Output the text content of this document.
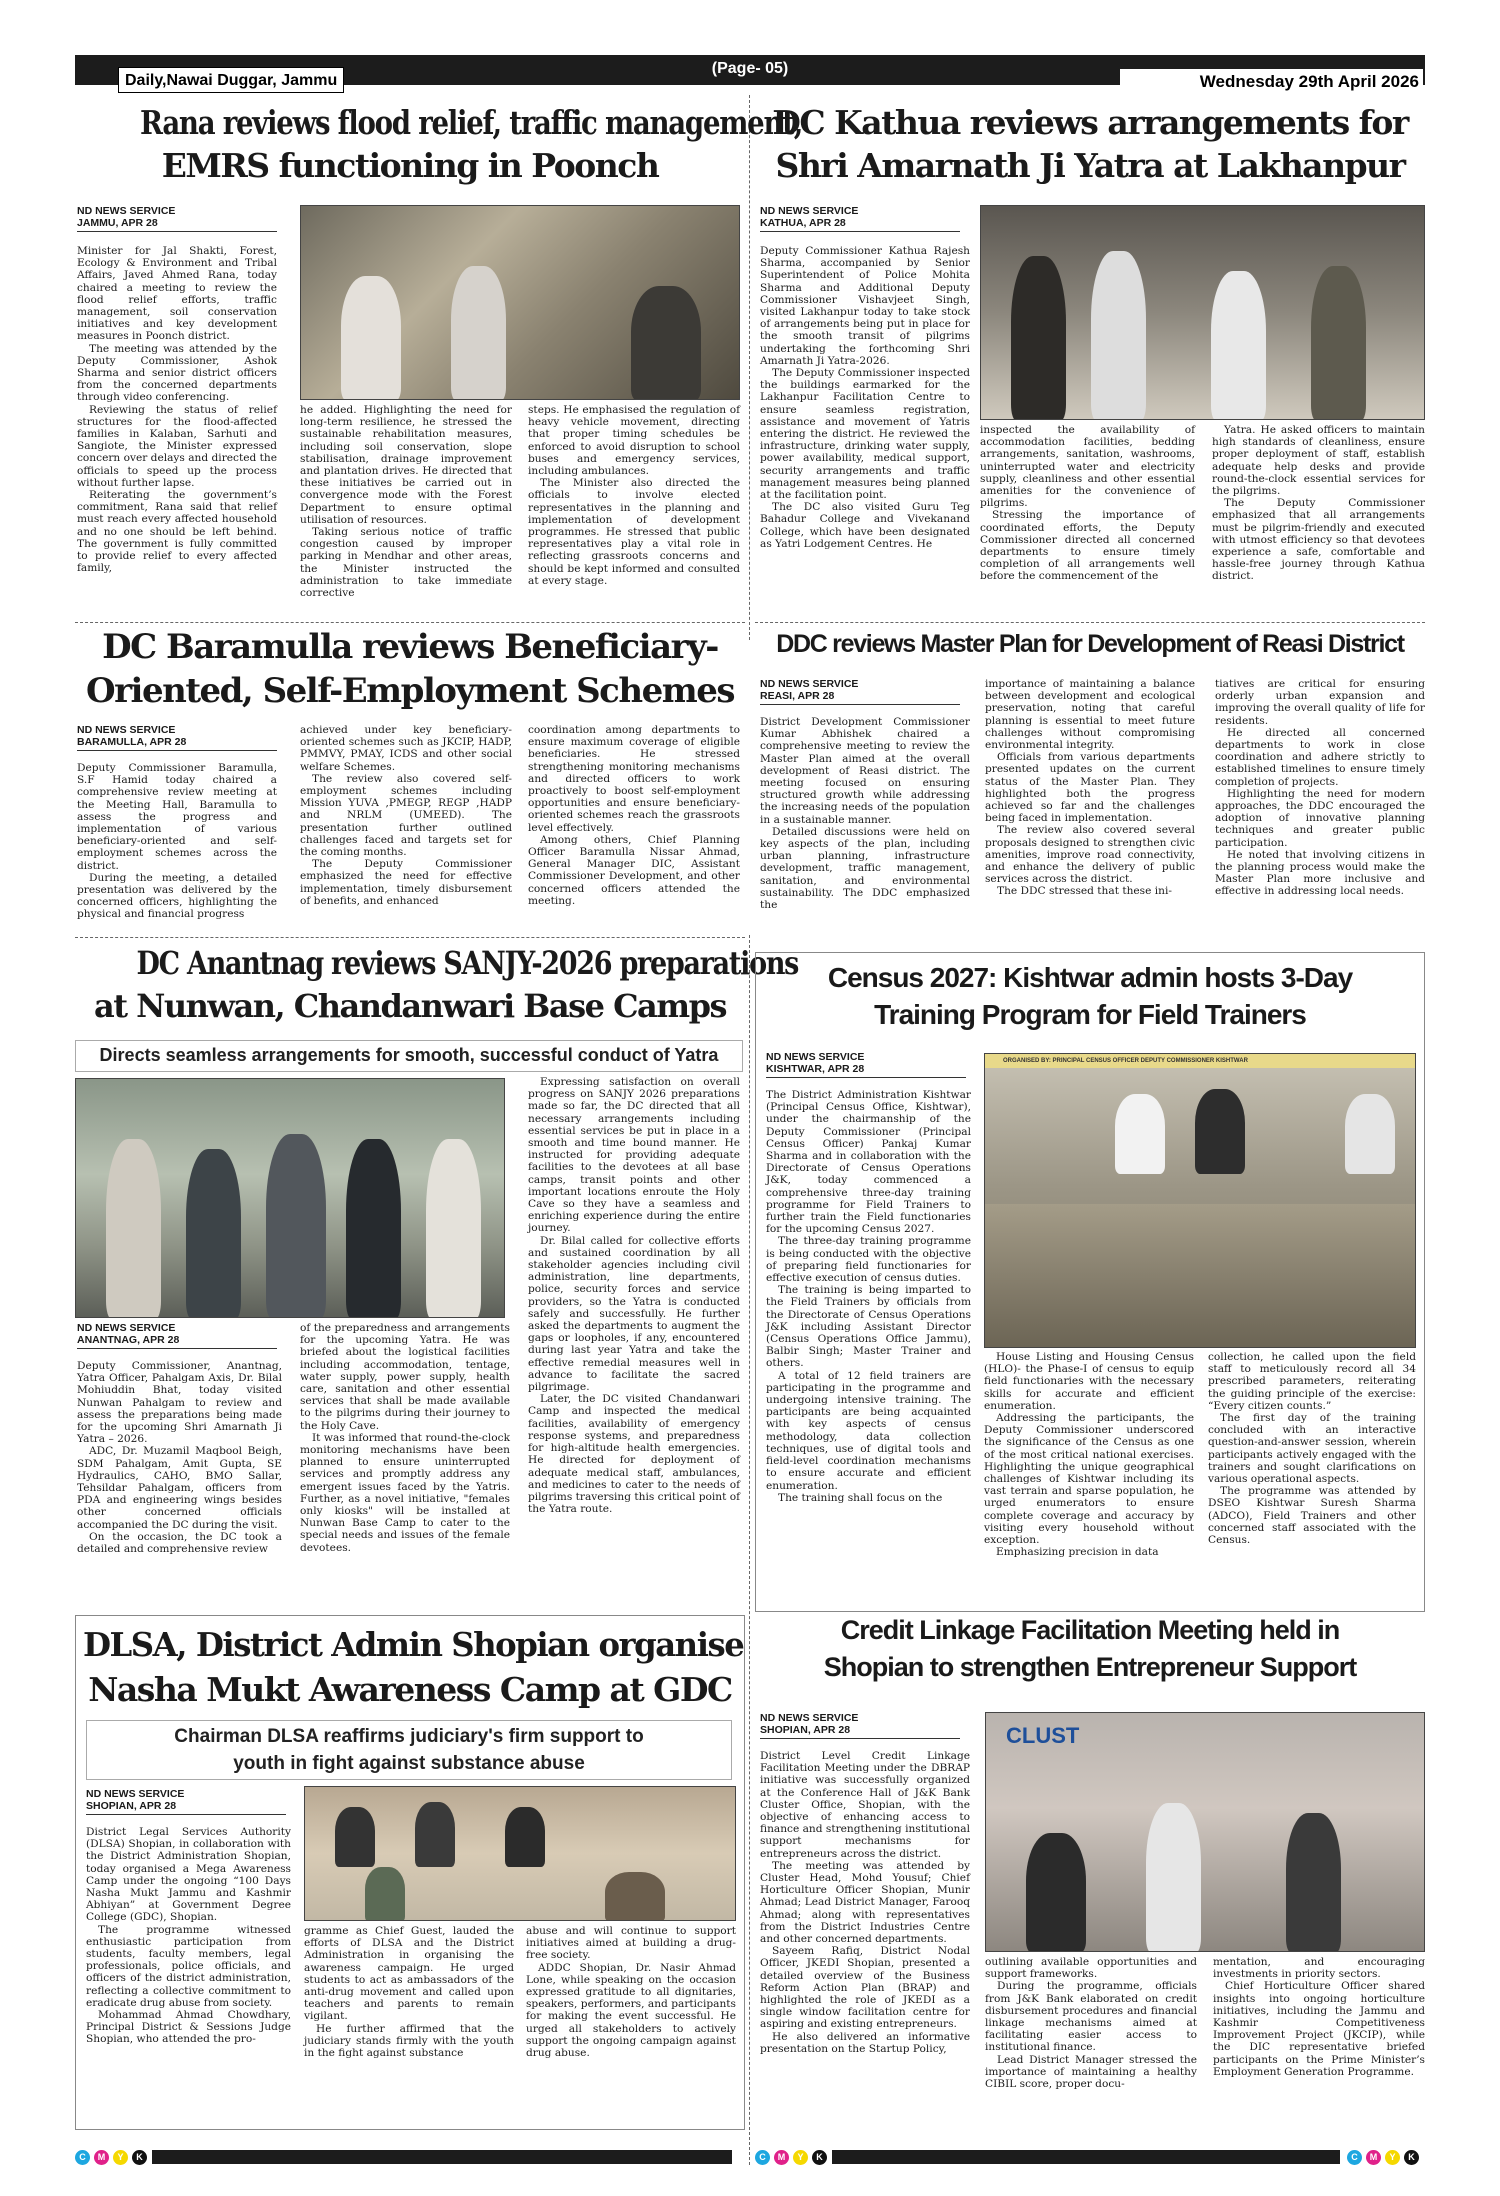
Daily,Nawai Duggar, Jammu
(Page- 05)
Wednesday 29th April 2026
Rana reviews flood relief, traffic management,
EMRS functioning in Poonch
ND NEWS SERVICE
JAMMU, APR 28

Minister for Jal Shakti, Forest, Ecology & Environment and Tribal Affairs, Javed Ahmed Rana, today chaired a meeting to review the flood relief efforts, traffic management, soil conservation initiatives and key development measures in Poonch district.

The meeting was attended by the Deputy Commissioner, Ashok Sharma and senior district officers from the concerned departments through video conferencing.

Reviewing the status of relief structures for the flood-affected families in Kalaban, Sarhuti and Sangiote, the Minister expressed concern over delays and directed the officials to speed up the process without further lapse.

Reiterating the government’s commitment, Rana said that relief must reach every affected household and no one should be left behind. The government is fully committed to provide relief to every affected family,

he added. Highlighting the need for long-term resilience, he stressed the sustainable rehabilitation measures, including soil conservation, slope stabilisation, drainage improvement and plantation drives. He directed that these initiatives be carried out in convergence mode with the Forest Department to ensure optimal utilisation of resources.

Taking serious notice of traffic congestion caused by improper parking in Mendhar and other areas, the Minister instructed the administration to take immediate corrective

steps. He emphasised the regulation of heavy vehicle movement, directing that proper timing schedules be enforced to avoid disruption to school buses and emergency services, including ambulances.

The Minister also directed the officials to involve elected representatives in the planning and implementation of development programmes. He stressed that public representatives play a vital role in reflecting grassroots concerns and should be kept informed and consulted at every stage.

DC Kathua reviews arrangements for
Shri Amarnath Ji Yatra at Lakhanpur
ND NEWS SERVICE
KATHUA, APR 28

Deputy Commissioner Kathua Rajesh Sharma, accompanied by Senior Superintendent of Police Mohita Sharma and Additional Deputy Commissioner Vishavjeet Singh, visited Lakhanpur today to take stock of arrangements being put in place for the smooth transit of pilgrims undertaking the forthcoming Shri Amarnath Ji Yatra-2026.

The Deputy Commissioner inspected the buildings earmarked for the Lakhanpur Facilitation Centre to ensure seamless registration, assistance and movement of Yatris entering the district. He reviewed the infrastructure, drinking water supply, power availability, medical support, security arrangements and traffic management measures being planned at the facilitation point.

The DC also visited Guru Teg Bahadur College and Vivekanand College, which have been designated as Yatri Lodgement Centres. He

inspected the availability of accommodation facilities, bedding arrangements, sanitation, washrooms, uninterrupted water and electricity supply, cleanliness and other essential amenities for the convenience of pilgrims.

Stressing the importance of coordinated efforts, the Deputy Commissioner directed all concerned departments to ensure timely completion of all arrangements well before the commencement of the

Yatra. He asked officers to maintain high standards of cleanliness, ensure proper deployment of staff, establish adequate help desks and provide round-the-clock essential services for the pilgrims.

The Deputy Commissioner emphasized that all arrangements must be pilgrim-friendly and executed with utmost efficiency so that devotees experience a safe, comfortable and hassle-free journey through Kathua district.

DC Baramulla reviews Beneficiary-
Oriented, Self-Employment Schemes
ND NEWS SERVICE
BARAMULLA, APR 28

Deputy Commissioner Baramulla, S.F Hamid today chaired a comprehensive review meeting at the Meeting Hall, Baramulla to assess the progress and implementation of various beneficiary-oriented and self-employment schemes across the district.

During the meeting, a detailed presentation was delivered by the concerned officers, highlighting the physical and financial progress

achieved under key beneficiary-oriented schemes such as JKCIP, HADP, PMMVY, PMAY, ICDS and other social welfare Schemes.

The review also covered self-employment schemes including Mission YUVA ,PMEGP, REGP ,HADP and NRLM (UMEED). The presentation further outlined challenges faced and targets set for the coming months.

The Deputy Commissioner emphasized the need for effective implementation, timely disbursement of benefits, and enhanced

coordination among departments to ensure maximum coverage of eligible beneficiaries. He stressed strengthening monitoring mechanisms and directed officers to work proactively to boost self-employment opportunities and ensure beneficiary-oriented schemes reach the grassroots level effectively.

Among others, Chief Planning Officer Baramulla Nissar Ahmad, General Manager DIC, Assistant Commissioner Development, and other concerned officers attended the meeting.

DDC reviews Master Plan for Development of Reasi District
ND NEWS SERVICE
REASI, APR 28

District Development Commissioner Kumar Abhishek chaired a comprehensive meeting to review the Master Plan aimed at the overall development of Reasi district. The meeting focused on ensuring structured growth while addressing the increasing needs of the population in a sustainable manner.

Detailed discussions were held on key aspects of the plan, including urban planning, infrastructure development, traffic management, sanitation, and environmental sustainability. The DDC emphasized the

importance of maintaining a balance between development and ecological preservation, noting that careful planning is essential to meet future challenges without compromising environmental integrity.

Officials from various departments presented updates on the current status of the Master Plan. They highlighted both the progress achieved so far and the challenges being faced in implementation.

The review also covered several proposals designed to strengthen civic amenities, improve road connectivity, and enhance the delivery of public services across the district.

The DDC stressed that these ini-

tiatives are critical for ensuring orderly urban expansion and improving the overall quality of life for residents.

He directed all concerned departments to work in close coordination and adhere strictly to established timelines to ensure timely completion of projects.

Highlighting the need for modern approaches, the DDC encouraged the adoption of innovative planning techniques and greater public participation.

He noted that involving citizens in the planning process would make the Master Plan more inclusive and effective in addressing local needs.

DC Anantnag reviews SANJY-2026 preparations
at Nunwan, Chandanwari Base Camps
Directs seamless arrangements for smooth, successful conduct of Yatra
ND NEWS SERVICE
ANANTNAG, APR 28

Deputy Commissioner, Anantnag, Yatra Officer, Pahalgam Axis, Dr. Bilal Mohiuddin Bhat, today visited Nunwan Pahalgam to review and assess the preparations being made for the upcoming Shri Amarnath Ji Yatra – 2026.

ADC, Dr. Muzamil Maqbool Beigh, SDM Pahalgam, Amit Gupta, SE Hydraulics, CAHO, BMO Sallar, Tehsildar Pahalgam, officers from PDA and engineering wings besides other concerned officials accompanied the DC during the visit.

On the occasion, the DC took a detailed and comprehensive review

of the preparedness and arrangements for the upcoming Yatra. He was briefed about the logistical facilities including accommodation, tentage, water supply, power supply, health care, sanitation and other essential services that shall be made available to the pilgrims during their journey to the Holy Cave.

It was informed that round-the-clock monitoring mechanisms have been planned to ensure uninterrupted services and promptly address any emergent issues faced by the Yatris. Further, as a novel initiative, "females only kiosks" will be installed at Nunwan Base Camp to cater to the special needs and issues of the female devotees.

Expressing satisfaction on overall progress on SANJY 2026 preparations made so far, the DC directed that all necessary arrangements including essential services be put in place in a smooth and time bound manner. He instructed for providing adequate facilities to the devotees at all base camps, transit points and other important locations enroute the Holy Cave so they have a seamless and enriching experience during the entire journey.

Dr. Bilal called for collective efforts and sustained coordination by all stakeholder agencies including civil administration, line departments, police, security forces and service providers, so the Yatra is conducted safely and successfully. He further asked the departments to augment the gaps or loopholes, if any, encountered during last year Yatra and take the effective remedial measures well in advance to facilitate the sacred pilgrimage.

Later, the DC visited Chandanwari Camp and inspected the medical facilities, availability of emergency response systems, and preparedness for high-altitude health emergencies. He directed for deployment of adequate medical staff, ambulances, and medicines to cater to the needs of pilgrims traversing this critical point of the Yatra route.

Census 2027: Kishtwar admin hosts 3-Day
Training Program for Field Trainers
ND NEWS SERVICE
KISHTWAR, APR 28

The District Administration Kishtwar (Principal Census Office, Kishtwar), under the chairmanship of the Deputy Commissioner (Principal Census Officer) Pankaj Kumar Sharma and in collaboration with the Directorate of Census Operations J&K, today commenced a comprehensive three-day training programme for Field Trainers to further train the Field functionaries for the upcoming Census 2027.

The three-day training programme is being conducted with the objective of preparing field functionaries for effective execution of census duties.

The training is being imparted to the Field Trainers by officials from the Directorate of Census Operations J&K including Assistant Director (Census Operations Office Jammu), Balbir Singh; Master Trainer and others.

A total of 12 field trainers are participating in the programme and undergoing intensive training. The participants are being acquainted with key aspects of census methodology, data collection techniques, use of digital tools and field-level coordination mechanisms to ensure accurate and efficient enumeration.

The training shall focus on the

ORGANISED BY: PRINCIPAL CENSUS OFFICER DEPUTY COMMISSIONER KISHTWAR

House Listing and Housing Census (HLO)- the Phase-I of census to equip field functionaries with the necessary skills for accurate and efficient enumeration.

Addressing the participants, the Deputy Commissioner underscored the significance of the Census as one of the most critical national exercises. Highlighting the unique geographical challenges of Kishtwar including its vast terrain and sparse population, he urged enumerators to ensure complete coverage and accuracy by visiting every household without exception.

Emphasizing precision in data

collection, he called upon the field staff to meticulously record all 34 prescribed parameters, reiterating the guiding principle of the exercise: “Every citizen counts.”

The first day of the training concluded with an interactive question-and-answer session, wherein participants actively engaged with the trainers and sought clarifications on various operational aspects.

The programme was attended by DSEO Kishtwar Suresh Sharma (ADCO), Field Trainers and other concerned staff associated with the Census.

DLSA, District Admin Shopian organise
Nasha Mukt Awareness Camp at GDC
Chairman DLSA reaffirms judiciary's firm support to
youth in fight against substance abuse
ND NEWS SERVICE
SHOPIAN, APR 28

District Legal Services Authority (DLSA) Shopian, in collaboration with the District Administration Shopian, today organised a Mega Awareness Camp under the ongoing “100 Days Nasha Mukt Jammu and Kashmir Abhiyan” at Government Degree College (GDC), Shopian.

The programme witnessed enthusiastic participation from students, faculty members, legal professionals, police officials, and officers of the district administration, reflecting a collective commitment to eradicate drug abuse from society.

Mohammad Ahmad Chowdhary, Principal District & Sessions Judge Shopian, who attended the pro-

gramme as Chief Guest, lauded the efforts of DLSA and the District Administration in organising the awareness campaign. He urged students to act as ambassadors of the anti-drug movement and called upon teachers and parents to remain vigilant.

He further affirmed that the judiciary stands firmly with the youth in the fight against substance

abuse and will continue to support initiatives aimed at building a drug-free society.

ADDC Shopian, Dr. Nasir Ahmad Lone, while speaking on the occasion expressed gratitude to all dignitaries, speakers, performers, and participants for making the event successful. He urged all stakeholders to actively support the ongoing campaign against drug abuse.

Credit Linkage Facilitation Meeting held in
Shopian to strengthen Entrepreneur Support
ND NEWS SERVICE
SHOPIAN, APR 28

District Level Credit Linkage Facilitation Meeting under the DBRAP initiative was successfully organized at the Conference Hall of J&K Bank Cluster Office, Shopian, with the objective of enhancing access to finance and strengthening institutional support mechanisms for entrepreneurs across the district.

The meeting was attended by Cluster Head, Mohd Yousuf; Chief Horticulture Officer Shopian, Munir Ahmad; Lead District Manager, Farooq Ahmad; along with representatives from the District Industries Centre and other concerned departments.

Sayeem Rafiq, District Nodal Officer, JKEDI Shopian, presented a detailed overview of the Business Reform Action Plan (BRAP) and highlighted the role of JKEDI as a single window facilitation centre for aspiring and existing entrepreneurs.

He also delivered an informative presentation on the Startup Policy,

CLUST

outlining available opportunities and support frameworks.

During the programme, officials from J&K Bank elaborated on credit disbursement procedures and financial linkage mechanisms aimed at facilitating easier access to institutional finance.

Lead District Manager stressed the importance of maintaining a healthy CIBIL score, proper docu-

mentation, and encouraging investments in priority sectors.

Chief Horticulture Officer shared insights into ongoing horticulture initiatives, including the Jammu and Kashmir Competitiveness Improvement Project (JKCIP), while the DIC representative briefed participants on the Prime Minister’s Employment Generation Programme.

C	M	Y	K	C	M	Y	K	C	M	Y	K
